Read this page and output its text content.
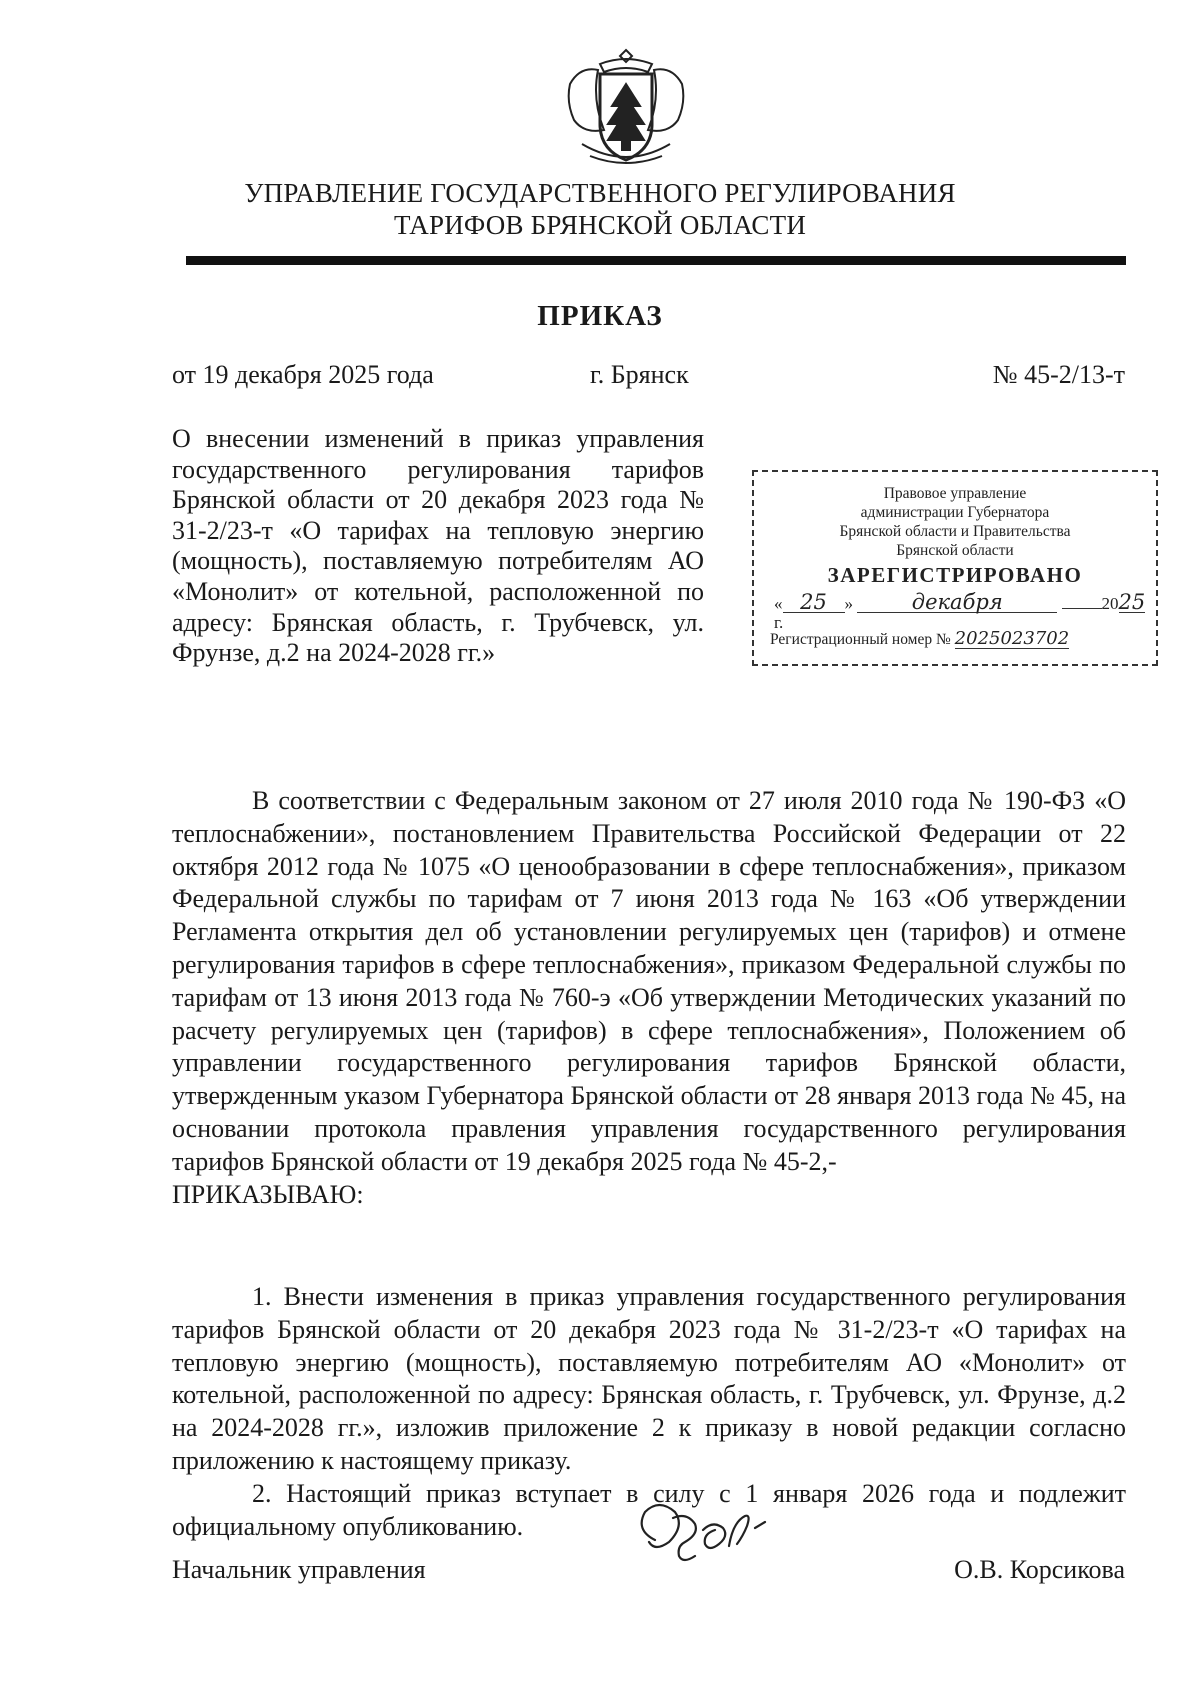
УПРАВЛЕНИЕ ГОСУДАРСТВЕННОГО РЕГУЛИРОВАНИЯ
ТАРИФОВ БРЯНСКОЙ ОБЛАСТИ
ПРИКАЗ
от 19 декабря 2025 года	г. Брянск	№ 45-2/13-т

О внесении изменений в приказ управления государственного регулирования тарифов Брянской области от 20 декабря 2023 года № 31-2/23-т «О тарифах на тепловую энергию (мощность), поставляемую потребителям АО «Монолит» от котельной, расположенной по адресу: Брянская область, г. Трубчевск, ул. Фрунзе, д.2 на 2024-2028 гг.»

Правовое управление
администрации Губернатора
Брянской области и Правительства
Брянской области
ЗАРЕГИСТРИРОВАНО
« 25 »	декабря	2025 г.
Регистрационный номер № 2025023702

В соответствии с Федеральным законом от 27 июля 2010 года № 190-ФЗ «О теплоснабжении», постановлением Правительства Российской Федерации от 22 октября 2012 года № 1075 «О ценообразовании в сфере теплоснабжения», приказом Федеральной службы по тарифам от 7 июня 2013 года № 163 «Об утверждении Регламента открытия дел об установлении регулируемых цен (тарифов) и отмене регулирования тарифов в сфере теплоснабжения», приказом Федеральной службы по тарифам от 13 июня 2013 года № 760-э «Об утверждении Методических указаний по расчету регулируемых цен (тарифов) в сфере теплоснабжения», Положением об управлении государственного регулирования тарифов Брянской области, утвержденным указом Губернатора Брянской области от 28 января 2013 года № 45, на основании протокола правления управления государственного регулирования тарифов Брянской области от 19 декабря 2025 года № 45-2,-

ПРИКАЗЫВАЮ:

1. Внести изменения в приказ управления государственного регулирования тарифов Брянской области от 20 декабря 2023 года № 31-2/23-т «О тарифах на тепловую энергию (мощность), поставляемую потребителям АО «Монолит» от котельной, расположенной по адресу: Брянская область, г. Трубчевск, ул. Фрунзе, д.2 на 2024-2028 гг.», изложив приложение 2 к приказу в новой редакции согласно приложению к настоящему приказу.

2. Настоящий приказ вступает в силу с 1 января 2026 года и подлежит официальному опубликованию.

Начальник управления	О.В. Корсикова
